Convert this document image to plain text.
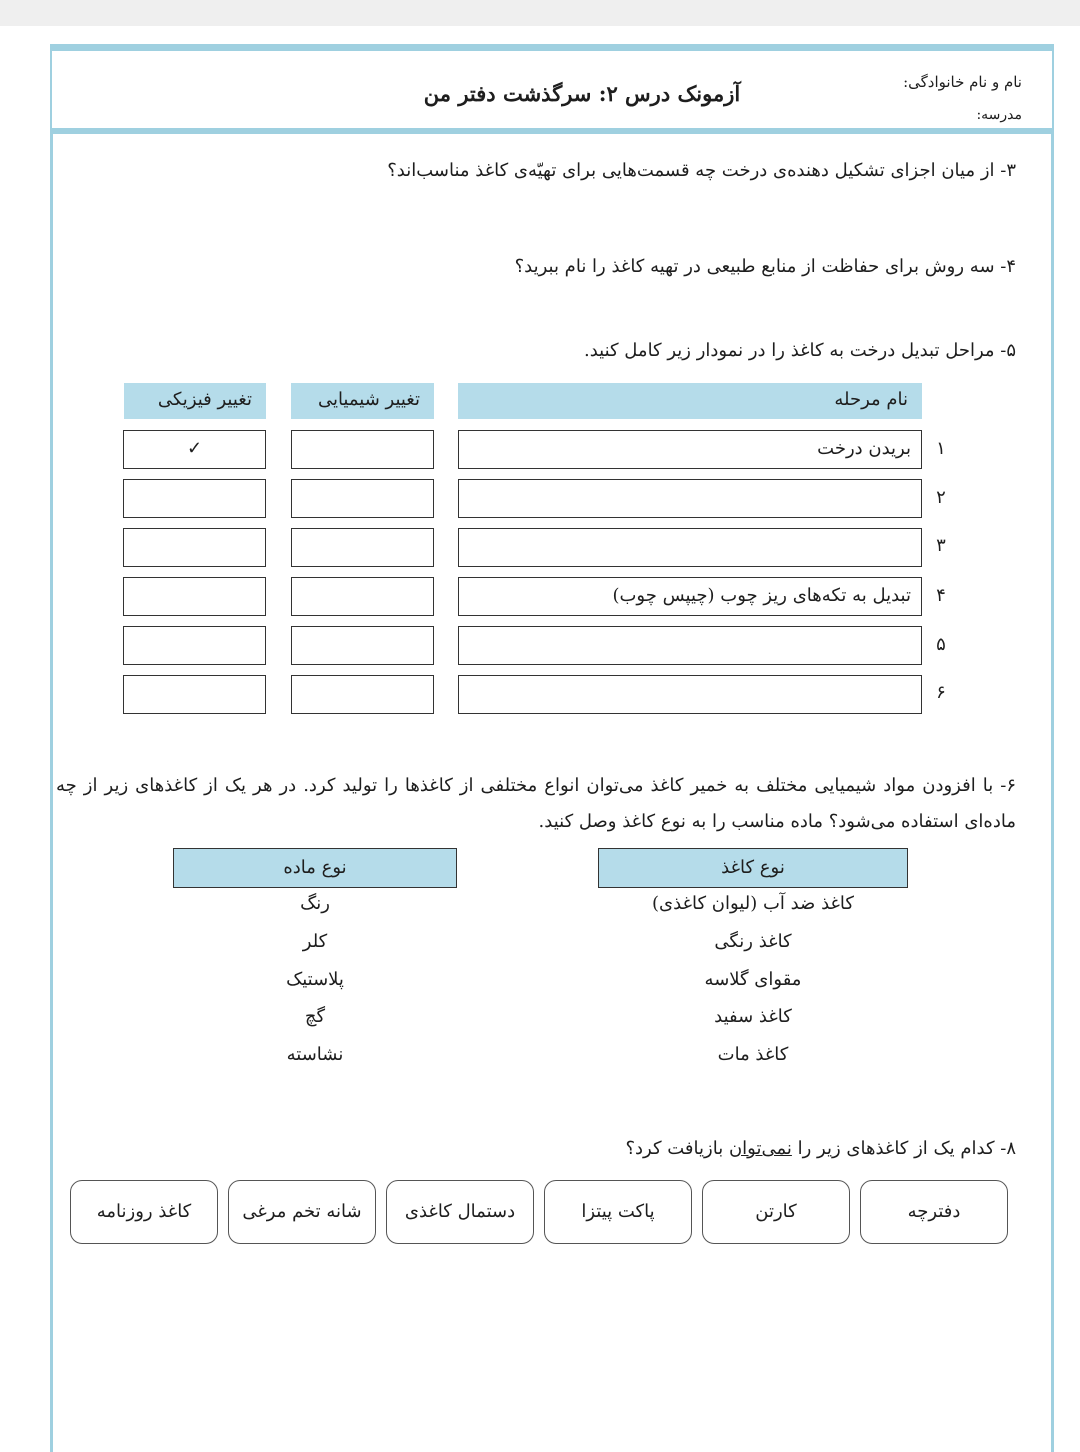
آزمونک درس ۲: سرگذشت دفتر من	نام و نام خانوادگی:
مدرسه:
۳- از میان اجزای تشکیل دهنده‌ی درخت چه قسمت‌هایی برای تهیّه‌ی کاغذ مناسب‌اند؟
۴- سه روش برای حفاظت از منابع طبیعی در تهیه کاغذ را نام ببرید؟
۵- مراحل تبدیل درخت به کاغذ را در نمودار زیر کامل کنید.
نام مرحله
تغییر شیمیایی
تغییر فیزیکی
۱
بریدن درخت
✓
۲
۳
۴
تبدیل به تکه‌های ریز چوب (چیپس چوب)
۵
۶
۶- با افزودن مواد شیمیایی مختلف به خمیر کاغذ می‌توان انواع مختلفی از کاغذها را تولید کرد. در هر یک از کاغذهای زیر از چه ماده‌ای استفاده می‌شود؟ ماده مناسب را به نوع کاغذ وصل کنید.
نوع کاغذ
نوع ماده
کاغذ ضد آب (لیوان کاغذی)
کاغذ رنگی
مقوای گلاسه
کاغذ سفید
کاغذ مات
رنگ
کلر
پلاستیک
گچ
نشاسته
۸- کدام یک از کاغذهای زیر را نمی‌توان بازیافت کرد؟
دفترچه
کارتن
پاکت پیتزا
دستمال کاغذی
شانه تخم مرغی
کاغذ روزنامه
